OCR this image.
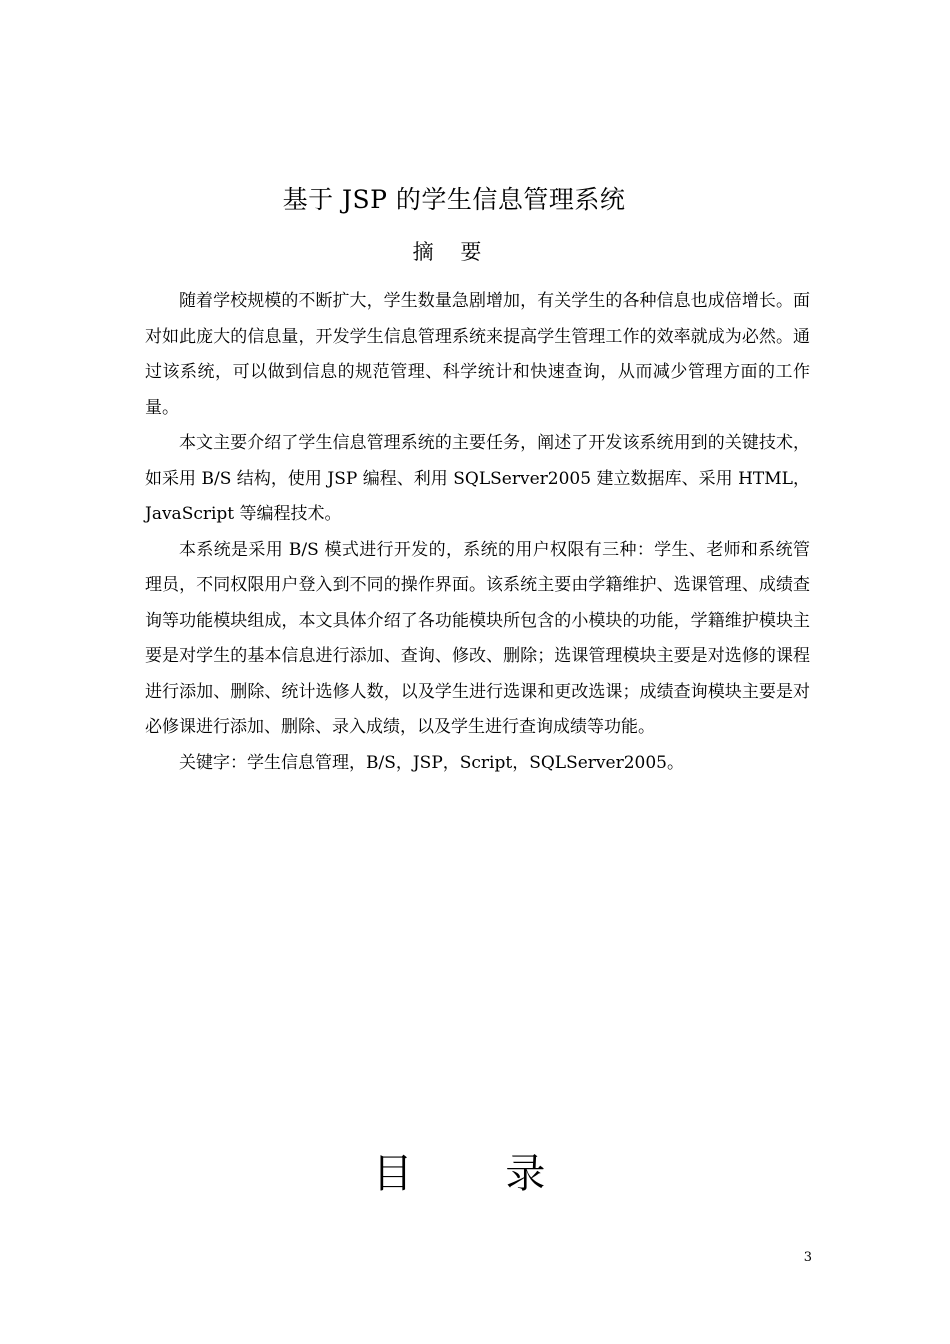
基于 JSP 的学生信息管理系统
摘 要

随着学校规模的不断扩大，学生数量急剧增加，有关学生的各种信息也成倍增长。面对如此庞大的信息量，开发学生信息管理系统来提高学生管理工作的效率就成为必然。通过该系统，可以做到信息的规范管理、科学统计和快速查询，从而减少管理方面的工作量。

本文主要介绍了学生信息管理系统的主要任务，阐述了开发该系统用到的关键技术，如采用 B/S 结构，使用 JSP 编程、利用 SQLServer2005 建立数据库、采用 HTML，JavaScript 等编程技术。

本系统是采用 B/S 模式进行开发的，系统的用户权限有三种：学生、老师和系统管理员，不同权限用户登入到不同的操作界面。该系统主要由学籍维护、选课管理、成绩查询等功能模块组成，本文具体介绍了各功能模块所包含的小模块的功能，学籍维护模块主要是对学生的基本信息进行添加、查询、修改、删除；选课管理模块主要是对选修的课程进行添加、删除、统计选修人数，以及学生进行选课和更改选课；成绩查询模块主要是对必修课进行添加、删除、录入成绩，以及学生进行查询成绩等功能。

关键字：学生信息管理，B/S，JSP，Script，SQLServer2005。

目 录
3
